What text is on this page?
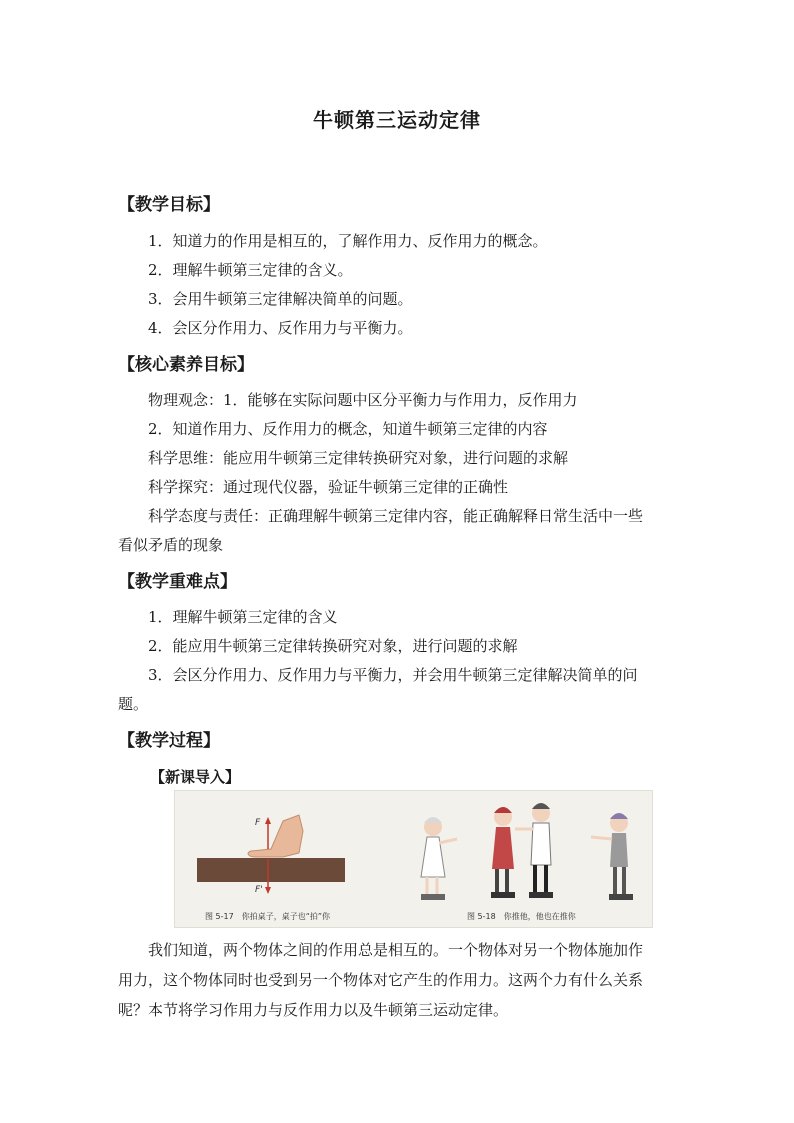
牛顿第三运动定律
【教学目标】
1．知道力的作用是相互的，了解作用力、反作用力的概念。
2．理解牛顿第三定律的含义。
3．会用牛顿第三定律解决简单的问题。
4．会区分作用力、反作用力与平衡力。
【核心素养目标】
物理观念：1．能够在实际问题中区分平衡力与作用力，反作用力
2．知道作用力、反作用力的概念，知道牛顿第三定律的内容
科学思维：能应用牛顿第三定律转换研究对象，进行问题的求解
科学探究：通过现代仪器，验证牛顿第三定律的正确性
科学态度与责任：正确理解牛顿第三定律内容，能正确解释日常生活中一些
看似矛盾的现象
【教学重难点】
1．理解牛顿第三定律的含义
2．能应用牛顿第三定律转换研究对象，进行问题的求解
3．会区分作用力、反作用力与平衡力，并会用牛顿第三定律解决简单的问
题。
【教学过程】
【新课导入】
F
F'
图 5-17　你拍桌子，桌子也“拍”你	图 5-18　你推他，他也在推你
我们知道，两个物体之间的作用总是相互的。一个物体对另一个物体施加作
用力，这个物体同时也受到另一个物体对它产生的作用力。这两个力有什么关系
呢？本节将学习作用力与反作用力以及牛顿第三运动定律。
